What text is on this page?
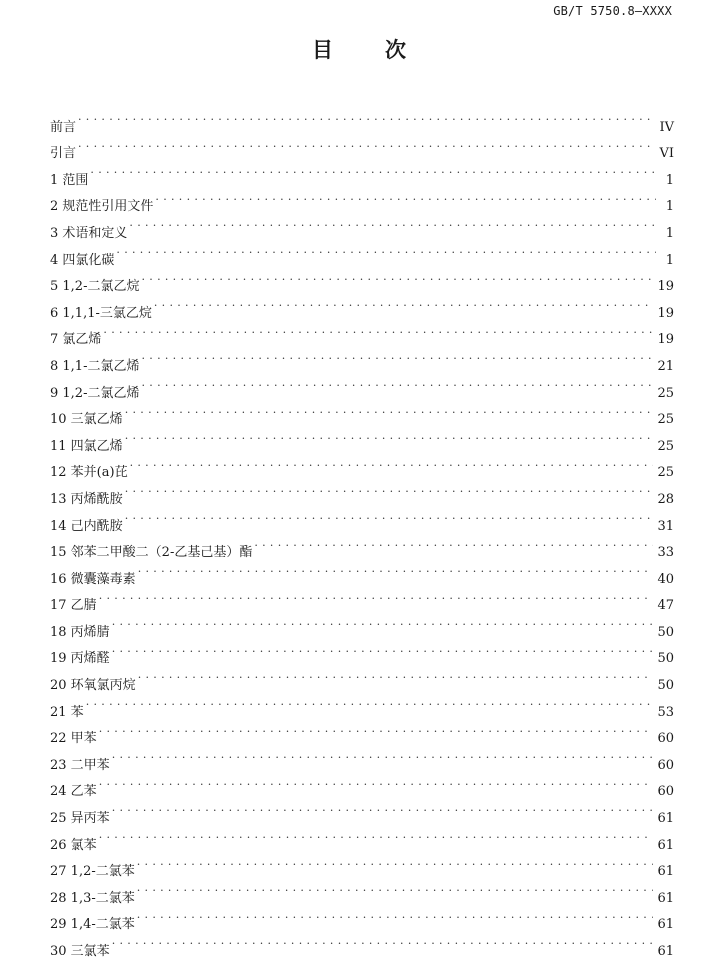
GB/T 5750.8—XXXX
目次
前言 . . .	IV
引言 . . .	VI
1 范围 . . .	1
2 规范性引用文件 . . .	1
3 术语和定义 . . .	1
4 四氯化碳 . . .	1
5 1,2-二氯乙烷 . . .	19
6 1,1,1-三氯乙烷 . . .	19
7 氯乙烯 . . .	19
8 1,1-二氯乙烯 . . .	21
9 1,2-二氯乙烯 . . .	25
10 三氯乙烯 . . .	25
11 四氯乙烯 . . .	25
12 苯并(a)芘 . . .	25
13 丙烯酰胺 . . .	28
14 己内酰胺 . . .	31
15 邻苯二甲酸二（2-乙基己基）酯 . . .	33
16 微囊藻毒素 . . .	40
17 乙腈 . . .	47
18 丙烯腈 . . .	50
19 丙烯醛 . . .	50
20 环氧氯丙烷 . . .	50
21 苯 . . .	53
22 甲苯 . . .	60
23 二甲苯 . . .	60
24 乙苯 . . .	60
25 异丙苯 . . .	61
26 氯苯 . . .	61
27 1,2-二氯苯 . . .	61
28 1,3-二氯苯 . . .	61
29 1,4-二氯苯 . . .	61
30 三氯苯 . . .	61
